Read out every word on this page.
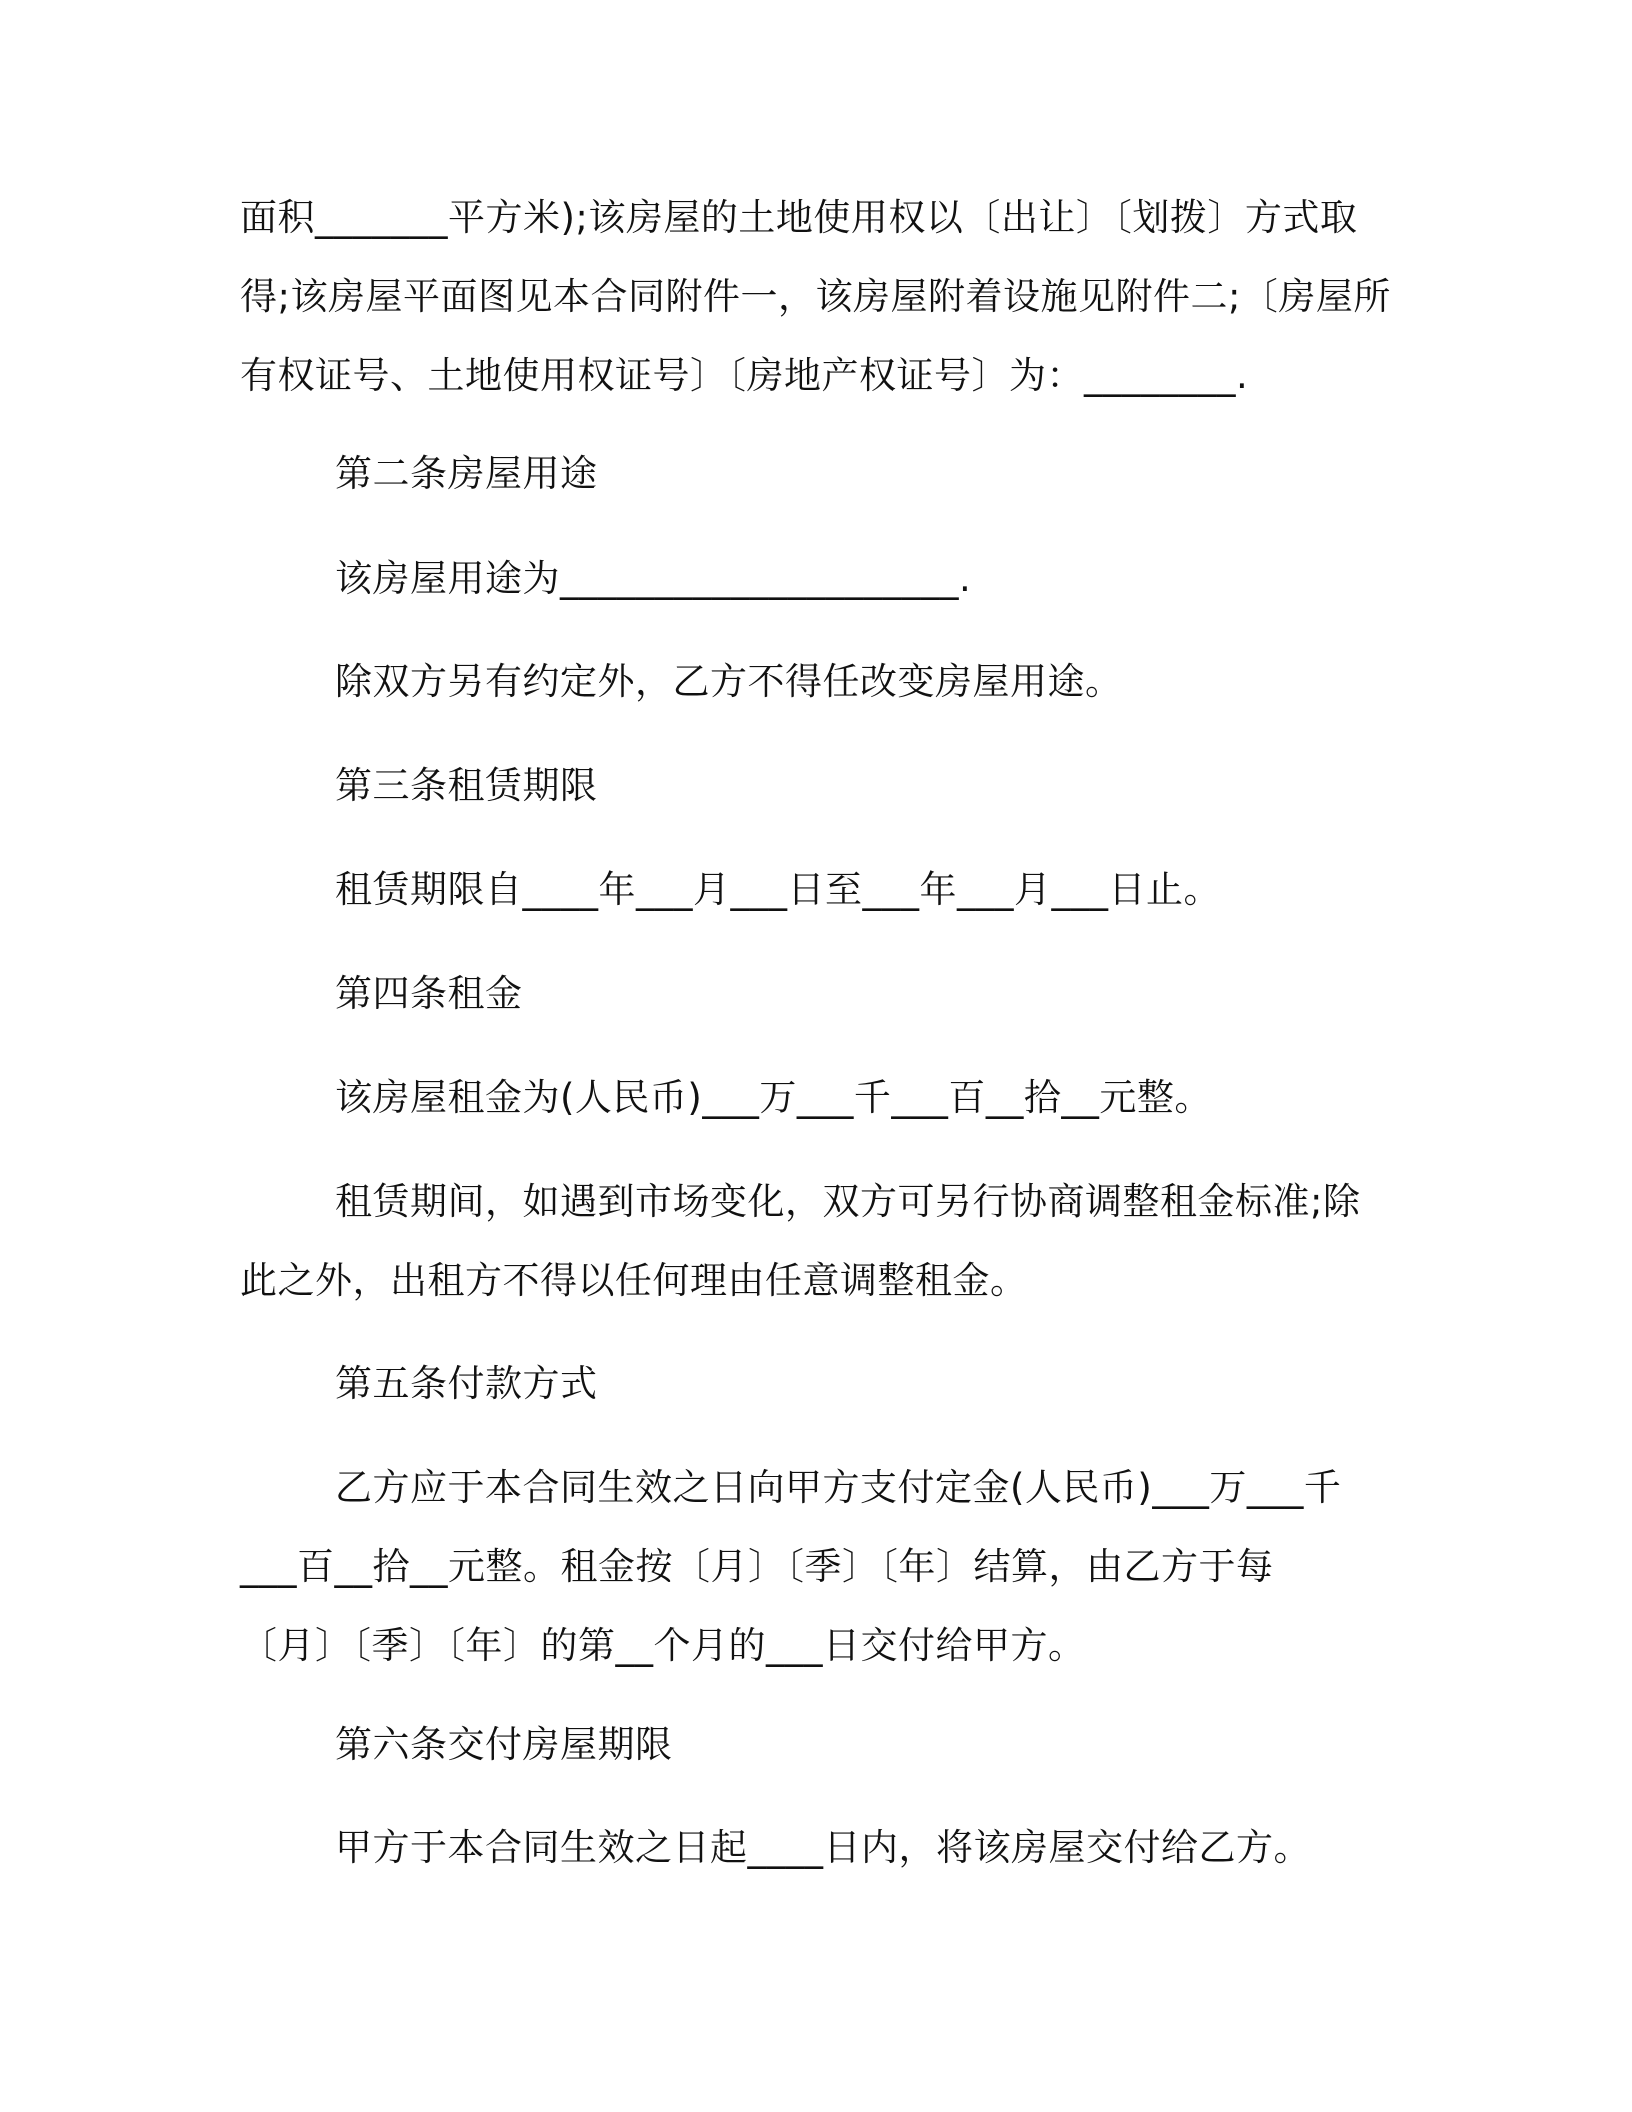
面积_______平方米);该房屋的土地使用权以〔出让〕〔划拨〕方式取
得;该房屋平面图见本合同附件一，该房屋附着设施见附件二;〔房屋所
有权证号、土地使用权证号〕〔房地产权证号〕为：________.
第二条房屋用途
该房屋用途为_____________________.
除双方另有约定外，乙方不得任改变房屋用途。
第三条租赁期限
租赁期限自____年___月___日至___年___月___日止。
第四条租金
该房屋租金为(人民币)___万___千___百__拾__元整。
租赁期间，如遇到市场变化，双方可另行协商调整租金标准;除
此之外，出租方不得以任何理由任意调整租金。
第五条付款方式
乙方应于本合同生效之日向甲方支付定金(人民币)___万___千
___百__拾__元整。租金按〔月〕〔季〕〔年〕结算，由乙方于每
〔月〕〔季〕〔年〕的第__个月的___日交付给甲方。
第六条交付房屋期限
甲方于本合同生效之日起____日内，将该房屋交付给乙方。
